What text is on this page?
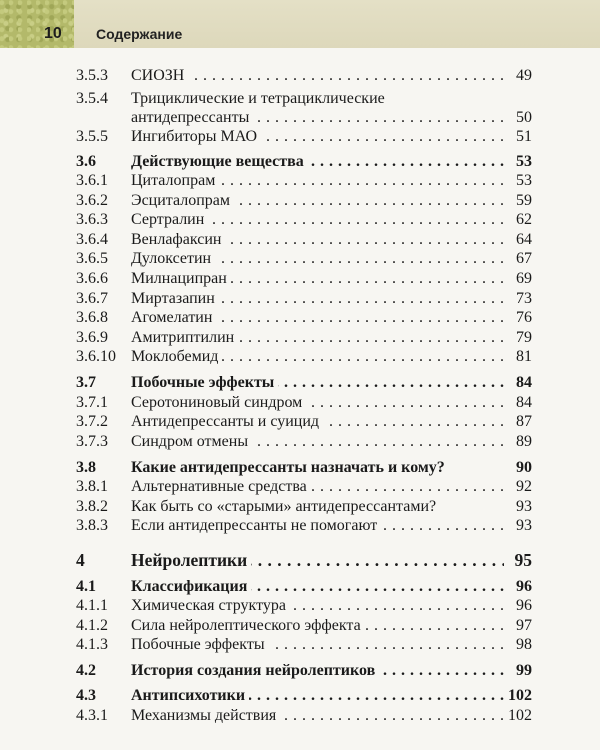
10 Содержание
3.5.3 СИОЗН . . .	49
3.5.4 Трициклические и тетрациклические
антидепрессанты . . .	50
3.5.5 Ингибиторы МАО . . .	51
3.6 Действующие вещества . . .	53
3.6.1 Циталопрам . . .	53
3.6.2 Эсциталопрам . . .	59
3.6.3 Сертралин . . .	62
3.6.4 Венлафаксин . . .	64
3.6.5 Дулоксетин . . .	67
3.6.6 Милнаципран . . .	69
3.6.7 Миртазапин . . .	73
3.6.8 Агомелатин . . .	76
3.6.9 Амитриптилин . . .	79
3.6.10 Моклобемид . . .	81
3.7 Побочные эффекты . . .	84
3.7.1 Серотониновый синдром . . .	84
3.7.2 Антидепрессанты и суицид . . .	87
3.7.3 Синдром отмены . . .	89
3.8 Какие антидепрессанты назначать и кому?	90
3.8.1 Альтернативные средства . . .	92
3.8.2 Как быть со «старыми» антидепрессантами?	93
3.8.3 Если антидепрессанты не помогают . . .	93
4	Нейролептики . . .	95
4.1 Классификация . . .	96
4.1.1 Химическая структура . . .	96
4.1.2 Сила нейролептического эффекта . . .	97
4.1.3 Побочные эффекты . . .	98
4.2 История создания нейролептиков . . .	99
4.3 Антипсихотики . . .	102
4.3.1 Механизмы действия . . .	102
